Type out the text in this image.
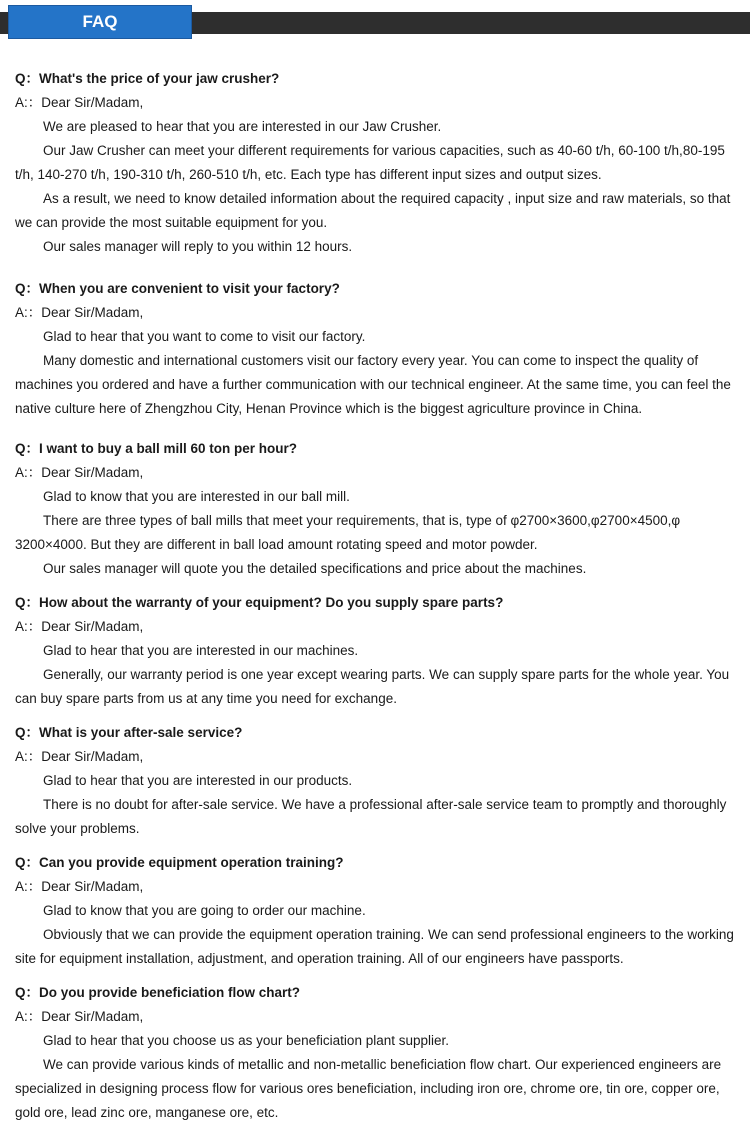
FAQ
Q：What's the price of your jaw crusher?
A:：Dear Sir/Madam,

We are pleased to hear that you are interested in our Jaw Crusher.

Our Jaw Crusher can meet your different requirements for various capacities, such as 40-60 t/h, 60-100 t/h,80-195 t/h, 140-270 t/h, 190-310 t/h, 260-510 t/h, etc. Each type has different input sizes and output sizes.

As a result, we need to know detailed information about the required capacity , input size and raw materials, so that we can provide the most suitable equipment for you.

Our sales manager will reply to you within 12 hours.

Q：When you are convenient to visit your factory?
A:：Dear Sir/Madam,

Glad to hear that you want to come to visit our factory.

Many domestic and international customers visit our factory every year. You can come to inspect the quality of machines you ordered and have a further communication with our technical engineer. At the same time, you can feel the native culture here of Zhengzhou City, Henan Province which is the biggest agriculture province in China.

Q：I want to buy a ball mill 60 ton per hour?
A:：Dear Sir/Madam,

Glad to know that you are interested in our ball mill.

There are three types of ball mills that meet your requirements, that is, type of φ2700×3600,φ2700×4500,φ 3200×4000. But they are different in ball load amount rotating speed and motor powder.

Our sales manager will quote you the detailed specifications and price about the machines.

Q：How about the warranty of your equipment? Do you supply spare parts?
A:：Dear Sir/Madam,

Glad to hear that you are interested in our machines.

Generally, our warranty period is one year except wearing parts. We can supply spare parts for the whole year. You can buy spare parts from us at any time you need for exchange.

Q：What is your after-sale service?
A:：Dear Sir/Madam,

Glad to hear that you are interested in our products.

There is no doubt for after-sale service. We have a professional after-sale service team to promptly and thoroughly solve your problems.

Q：Can you provide equipment operation training?
A:：Dear Sir/Madam,

Glad to know that you are going to order our machine.

Obviously that we can provide the equipment operation training. We can send professional engineers to the working site for equipment installation, adjustment, and operation training. All of our engineers have passports.

Q：Do you provide beneficiation flow chart?
A:：Dear Sir/Madam,

Glad to hear that you choose us as your beneficiation plant supplier.

We can provide various kinds of metallic and non-metallic beneficiation flow chart. Our experienced engineers are specialized in designing process flow for various ores beneficiation, including iron ore, chrome ore, tin ore, copper ore, gold ore, lead zinc ore, manganese ore, etc.
